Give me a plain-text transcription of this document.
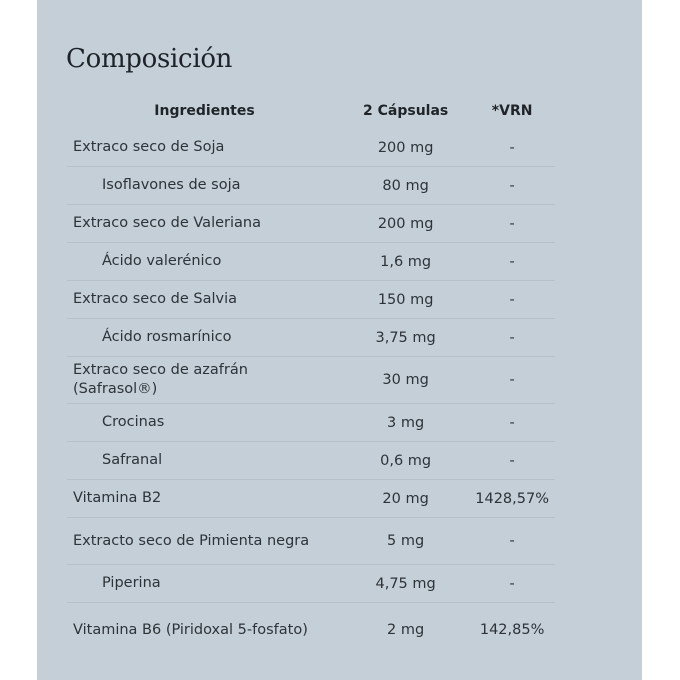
Composición
Ingredientes	2 Cápsulas	*VRN
Extraco seco de Soja	200 mg	-
Isoflavones de soja	80 mg	-
Extraco seco de Valeriana	200 mg	-
Ácido valerénico	1,6 mg	-
Extraco seco de Salvia	150 mg	-
Ácido rosmarínico	3,75 mg	-
Extraco seco de azafrán (Safrasol®)	30 mg	-
Crocinas	3 mg	-
Safranal	0,6 mg	-
Vitamina B2	20 mg	1428,57%
Extracto seco de Pimienta negra	5 mg	-
Piperina	4,75 mg	-
Vitamina B6 (Piridoxal 5-fosfato)	2 mg	142,85%
